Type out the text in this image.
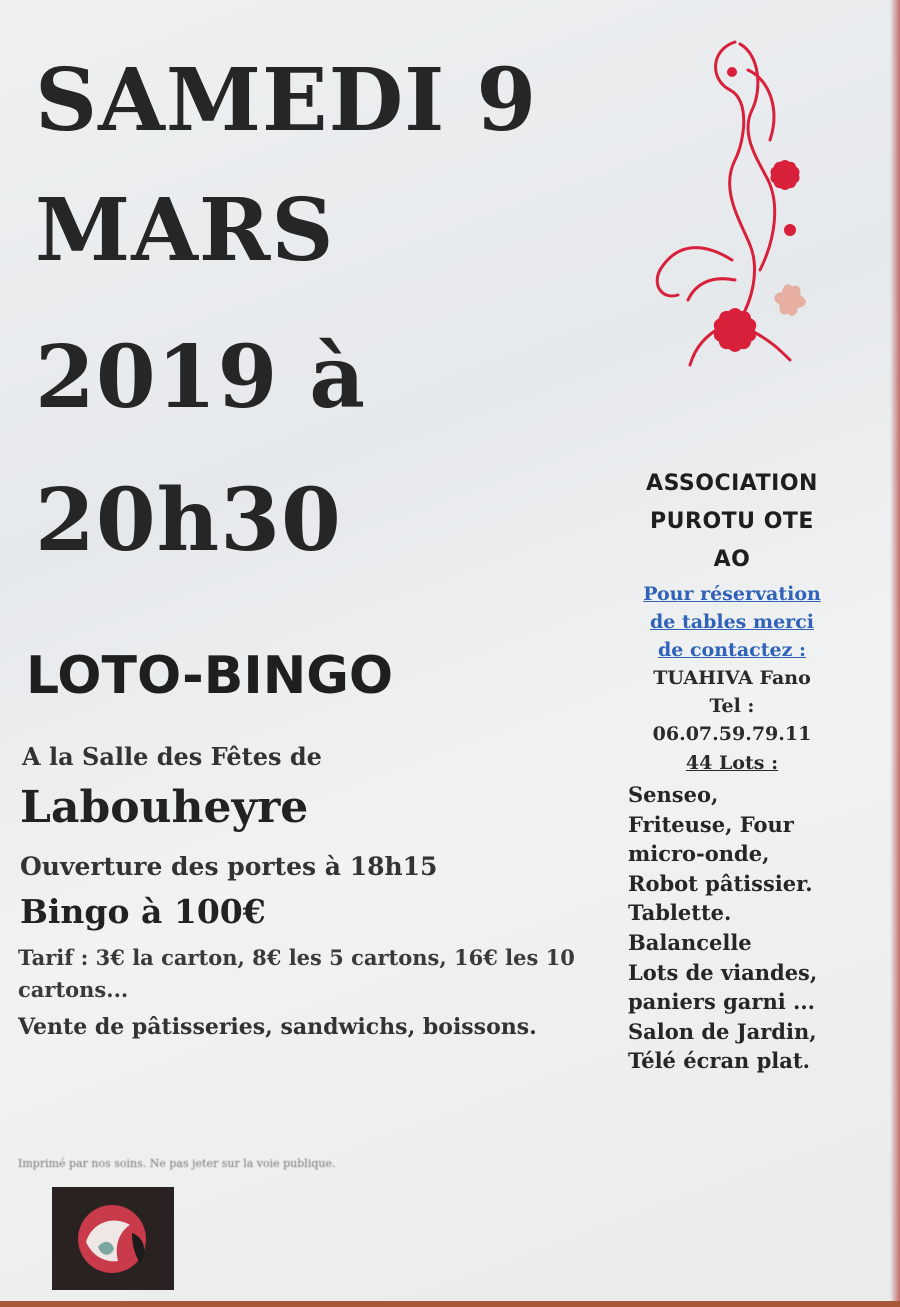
SAMEDI 9
MARS
2019 à
20h30
LOTO-BINGO
A la Salle des Fêtes de
Labouheyre
Ouverture des portes à 18h15
Bingo à 100€
Tarif : 3€ la carton, 8€ les 5 cartons, 16€ les 10 cartons...
Vente de pâtisseries, sandwichs, boissons.
ASSOCIATION
PUROTU OTE
AO
Pour réservation
de tables merci
de contactez :
TUAHIVA Fano
Tel :
06.07.59.79.11
44 Lots :
Senseo,
Friteuse, Four
micro-onde,
Robot pâtissier.
Tablette.
Balancelle
Lots de viandes,
paniers garni ...
Salon de Jardin,
Télé écran plat.
Imprimé par nos soins. Ne pas jeter sur la voie publique.
